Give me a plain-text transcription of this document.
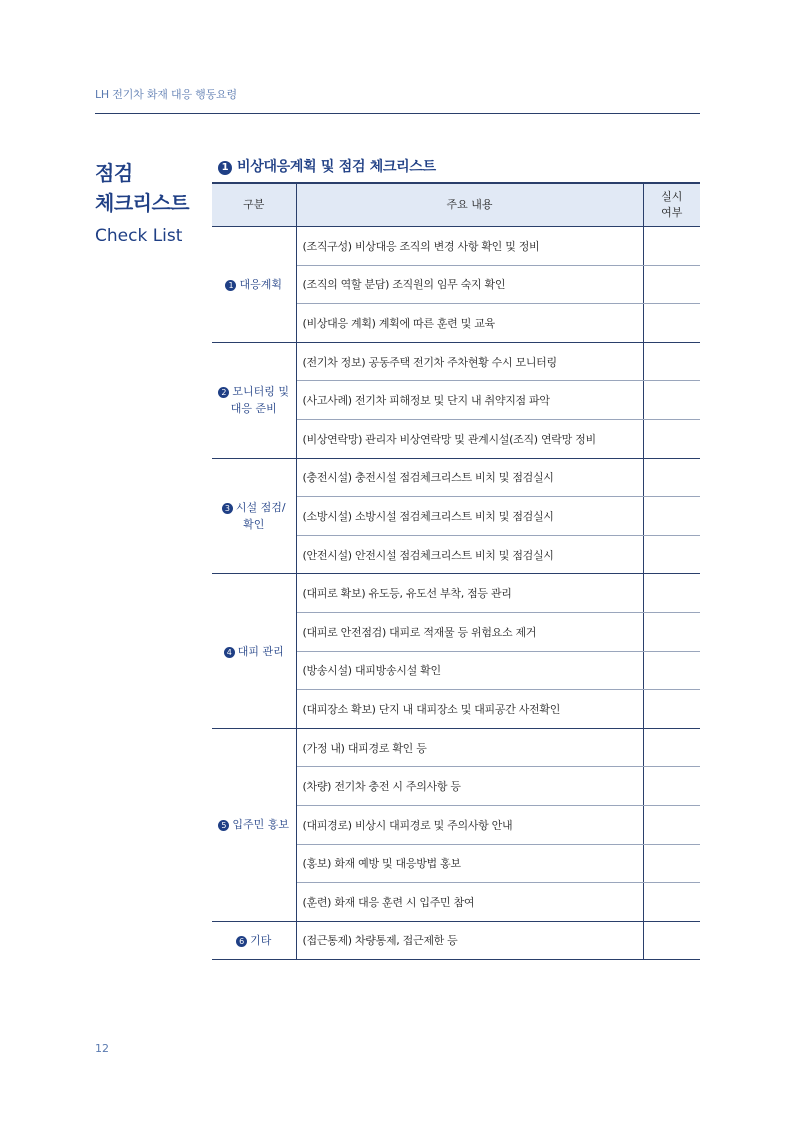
LH 전기차 화재 대응 행동요령
점검
체크리스트
Check List
1 비상대응계획 및 점검 체크리스트
구분	주요 내용	실시
여부
1 대응계획	(조직구성) 비상대응 조직의 변경 사항 확인 및 정비	
	(조직의 역할 분담) 조직원의 임무 숙지 확인	
	(비상대응 계획) 계획에 따른 훈련 및 교육	
2 모니터링 및
대응 준비	(전기차 정보) 공동주택 전기차 주차현황 수시 모니터링	
	(사고사례) 전기차 피해정보 및 단지 내 취약지점 파악	
	(비상연락망) 관리자 비상연락망 및 관계시설(조직) 연락망 정비	
3 시설 점검/
확인	(충전시설) 충전시설 점검체크리스트 비치 및 점검실시	
	(소방시설) 소방시설 점검체크리스트 비치 및 점검실시	
	(안전시설) 안전시설 점검체크리스트 비치 및 점검실시	
4 대피 관리	(대피로 확보) 유도등, 유도선 부착, 점등 관리	
	(대피로 안전점검) 대피로 적재물 등 위험요소 제거	
	(방송시설) 대피방송시설 확인	
	(대피장소 확보) 단지 내 대피장소 및 대피공간 사전확인	
5 입주민 홍보	(가정 내) 대피경로 확인 등	
	(차량) 전기차 충전 시 주의사항 등	
	(대피경로) 비상시 대피경로 및 주의사항 안내	
	(홍보) 화재 예방 및 대응방법 홍보	
	(훈련) 화재 대응 훈련 시 입주민 참여	
6 기타	(접근통제) 차량통제, 접근제한 등	
12
